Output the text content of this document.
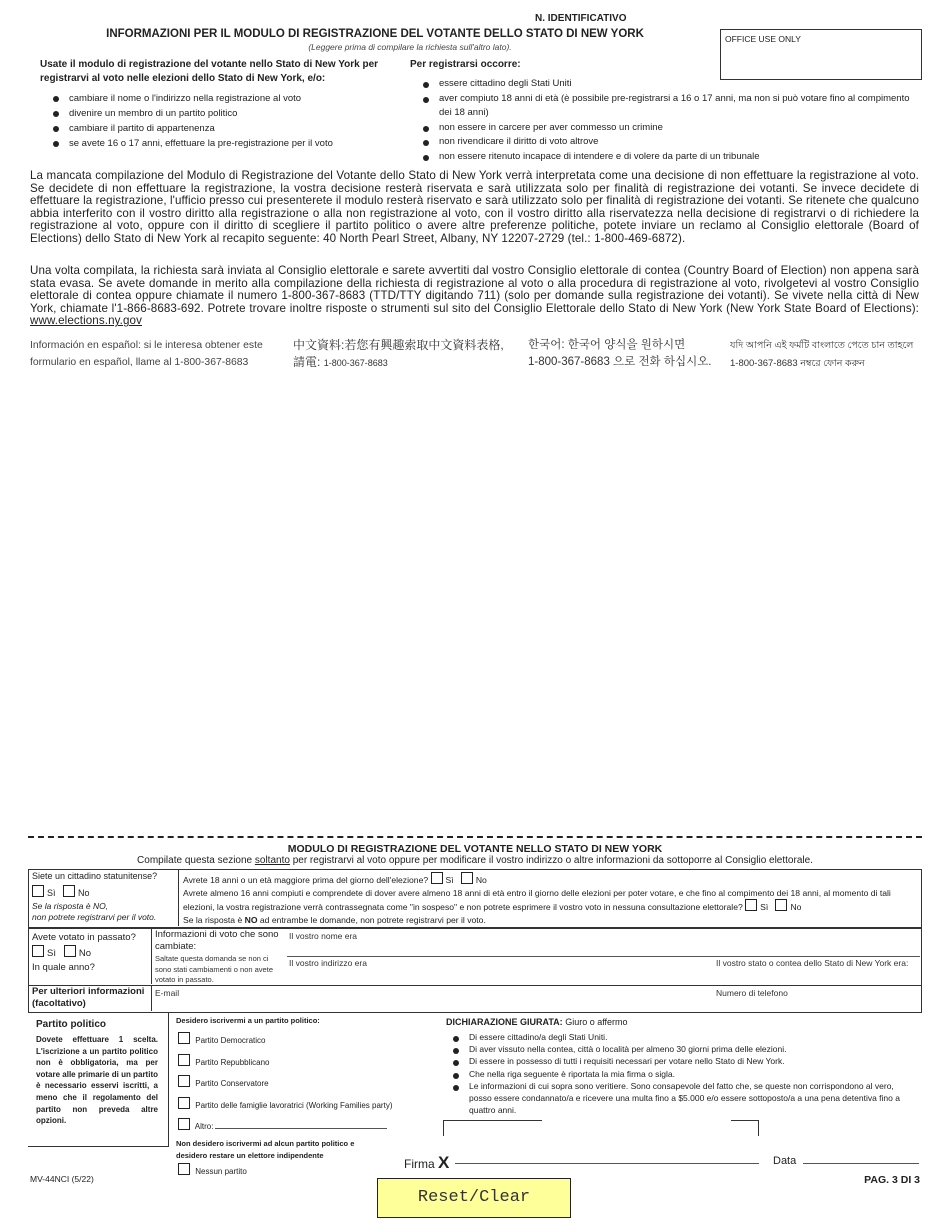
N. IDENTIFICATIVO
INFORMAZIONI PER IL MODULO DI REGISTRAZIONE DEL VOTANTE DELLO STATO DI NEW YORK
(Leggere prima di compilare la richiesta sull'altro lato).
OFFICE USE ONLY
Usate il modulo di registrazione del votante nello Stato di New York per registrarvi al voto nelle elezioni dello Stato di New York, e/o:
cambiare il nome o l'indirizzo nella registrazione al voto
divenire un membro di un partito politico
cambiare il partito di appartenenza
se avete 16 o 17 anni, effettuare la pre-registrazione per il voto
Per registrarsi occorre:
essere cittadino degli Stati Uniti
aver compiuto 18 anni di età (è possibile pre-registrarsi a 16 o 17 anni, ma non si può votare fino al compimento dei 18 anni)
non essere in carcere per aver commesso un crimine
non rivendicare il diritto di voto altrove
non essere ritenuto incapace di intendere e di volere da parte di un tribunale
La mancata compilazione del Modulo di Registrazione del Votante dello Stato di New York verrà interpretata come una decisione di non effettuare la registrazione al voto. Se decidete di non effettuare la registrazione, la vostra decisione resterà riservata e sarà utilizzata solo per finalità di registrazione dei votanti. Se invece decidete di effettuare la registrazione, l'ufficio presso cui presenterete il modulo resterà riservato e sarà utilizzato solo per finalità di registrazione dei votanti. Se ritenete che qualcuno abbia interferito con il vostro diritto alla registrazione o alla non registrazione al voto, con il vostro diritto alla riservatezza nella decisione di registrarvi o di richiedere la registrazione al voto, oppure con il diritto di scegliere il partito politico o avere altre preferenze politiche, potete inviare un reclamo al Consiglio elettorale (Board of Elections) dello Stato di New York al recapito seguente: 40 North Pearl Street, Albany, NY 12207-2729 (tel.: 1-800-469-6872).
Una volta compilata, la richiesta sarà inviata al Consiglio elettorale e sarete avvertiti dal vostro Consiglio elettorale di contea (Country Board of Election) non appena sarà stata evasa. Se avete domande in merito alla compilazione della richiesta di registrazione al voto o alla procedura di registrazione al voto, rivolgetevi al vostro Consiglio elettorale di contea oppure chiamate il numero 1-800-367-8683 (TTD/TTY digitando 711) (solo per domande sulla registrazione dei votanti). Se vivete nella città di New York, chiamate l'1-866-8683-692. Potrete trovare inoltre risposte o strumenti sul sito del Consiglio Elettorale dello Stato di New York (New York State Board of Elections): www.elections.ny.gov
Información en español: si le interesa obtener este
formulario en español, llame al 1-800-367-8683
中文資料:若您有興趣索取中文資料表格,
請電: 1-800-367-8683
한국어: 한국어 양식을 원하시면
1-800-367-8683 으로 전화 하십시오.
যদি আপনি এই ফর্মটি বাংলাতে পেতে চান তাহলে
1-800-367-8683 নম্বরে ফোন করুন
MODULO DI REGISTRAZIONE DEL VOTANTE NELLO STATO DI NEW YORK
Compilate questa sezione soltanto per registrarvi al voto oppure per modificare il vostro indirizzo o altre informazioni da sottoporre al Consiglio elettorale.
Siete un cittadino statunitense?
Sì	No
Se la risposta è NO,
non potrete registrarvi per il voto.
Avrete 18 anni o un età maggiore prima del giorno dell'elezione? Sì	No
Avrete almeno 16 anni compiuti e comprendete di dover avere almeno 18 anni di età entro il giorno delle elezioni per poter votare, e che fino al compimento dei 18 anni, al momento di tali elezioni, la vostra registrazione verrà contrassegnata come "in sospeso" e non potrete esprimere il vostro voto in nessuna consultazione elettorale? Sì	No
Se la risposta è NO ad entrambe le domande, non potrete registrarvi per il voto.
Avete votato in passato?
Sì No
In quale anno?
Informazioni di voto che sono cambiate:
Saltate questa domanda se non ci sono stati cambiamenti o non avete votato in passato.
Il vostro nome era
Il vostro indirizzo era	Il vostro stato o contea dello Stato di New York era:
Per ulteriori informazioni (facoltativo)
E-mail	Numero di telefono
Partito politico
Dovete effettuare 1 scelta. L'iscrizione a un partito politico non è obbligatoria, ma per votare alle primarie di un partito è necessario esservi iscritti, a meno che il regolamento del partito non preveda altre opzioni.
Desidero iscrivermi a un partito politico:
Partito Democratico
Partito Repubblicano
Partito Conservatore
Partito delle famiglie lavoratrici (Working Families party)
Altro:
Non desidero iscrivermi ad alcun partito politico e desidero restare un elettore indipendente
Nessun partito
DICHIARAZIONE GIURATA: Giuro o affermo
Di essere cittadino/a degli Stati Uniti.
Di aver vissuto nella contea, città o località per almeno 30 giorni prima delle elezioni.
Di essere in possesso di tutti i requisiti necessari per votare nello Stato di New York.
Che nella riga seguente è riportata la mia firma o sigla.
Le informazioni di cui sopra sono veritiere. Sono consapevole del fatto che, se queste non corrispondono al vero, posso essere condannato/a e ricevere una multa fino a $5.000 e/o essere sottoposto/a a una pena detentiva fino a quattro anni.
Firma X	Data
MV-44NCI (5/22)	PAG. 3 DI 3
Reset/Clear
